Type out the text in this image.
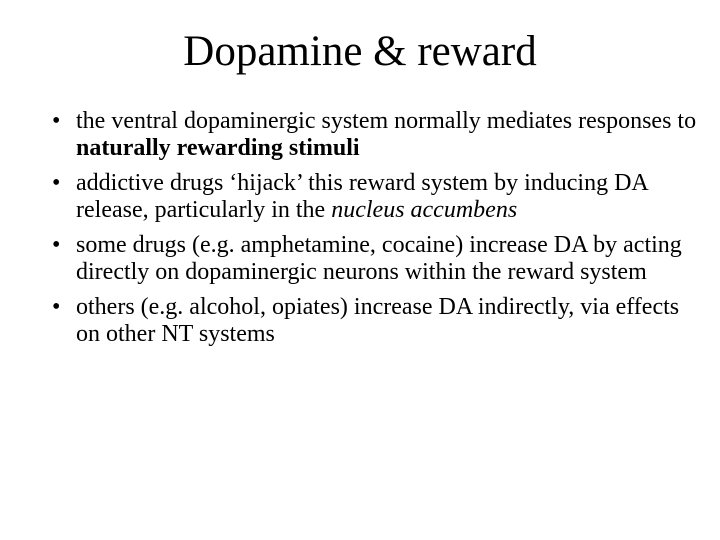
Dopamine & reward
• the ventral dopaminergic system normally mediates responses to naturally rewarding stimuli
• addictive drugs ‘hijack’ this reward system by inducing DA release, particularly in the nucleus accumbens
• some drugs (e.g. amphetamine, cocaine) increase DA by acting directly on dopaminergic neurons within the reward system
• others (e.g. alcohol, opiates) increase DA indirectly, via effects on other NT systems
